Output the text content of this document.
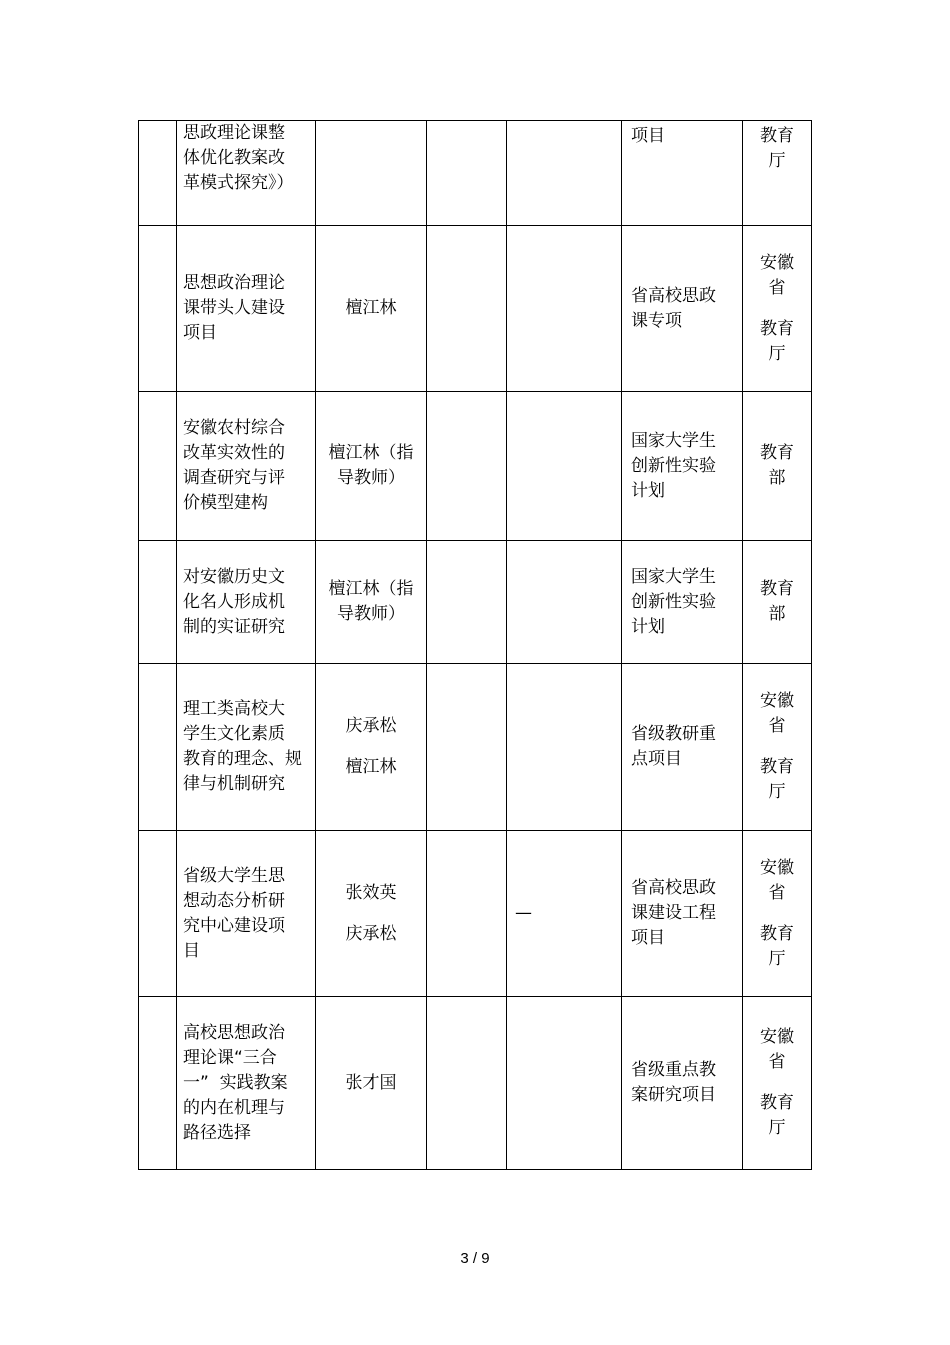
	思政理论课整
体优化教案改
革模式探究》）				项目	教育
厅

	思想政治理论
课带头人建设
项目	檀江林			省高校思政
课专项	安徽
省
教育
厅

	安徽农村综合
改革实效性的
调查研究与评
价模型建构	檀江林（指
导教师）			国家大学生
创新性实验
计划	教育
部

	对安徽历史文
化名人形成机
制的实证研究	檀江林（指
导教师）			国家大学生
创新性实验
计划	教育
部

	理工类高校大
学生文化素质
教育的理念、规
律与机制研究	庆承松
檀江林			省级教研重
点项目	安徽
省
教育
厅

	省级大学生思
想动态分析研
究中心建设项
目	张效英
庆承松		—	省高校思政
课建设工程
项目	安徽
省
教育
厅

	高校思想政治
理论课“三合
一”  实践教案
的内在机理与
路径选择	张才国			省级重点教
案研究项目	安徽
省
教育
厅
3 / 9
